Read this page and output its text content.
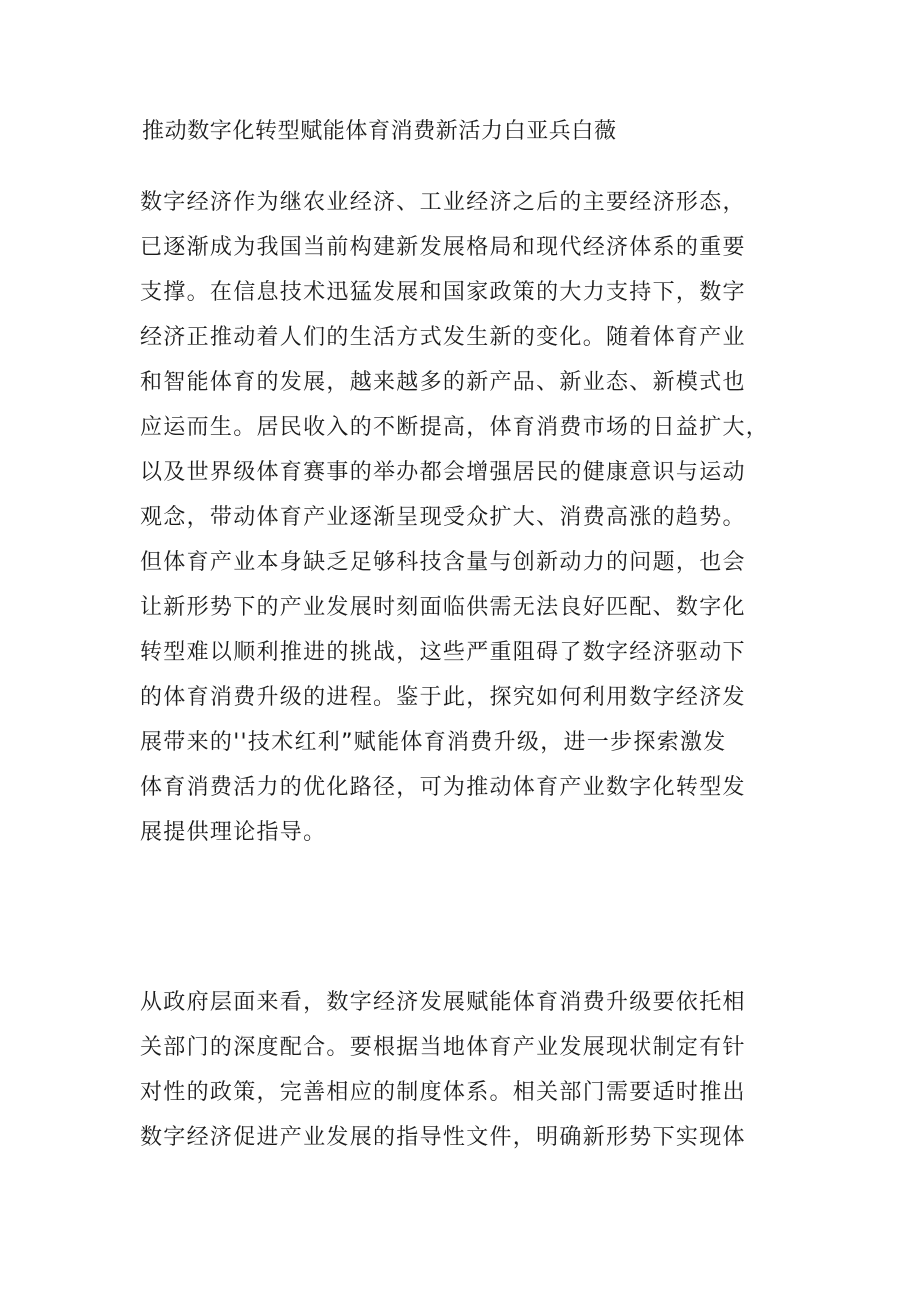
推动数字化转型赋能体育消费新活力白亚兵白薇
数字经济作为继农业经济、工业经济之后的主要经济形态，
已逐渐成为我国当前构建新发展格局和现代经济体系的重要
支撑。在信息技术迅猛发展和国家政策的大力支持下，数字
经济正推动着人们的生活方式发生新的变化。随着体育产业
和智能体育的发展，越来越多的新产品、新业态、新模式也
应运而生。居民收入的不断提高，体育消费市场的日益扩大，
以及世界级体育赛事的举办都会增强居民的健康意识与运动
观念，带动体育产业逐渐呈现受众扩大、消费高涨的趋势。
但体育产业本身缺乏足够科技含量与创新动力的问题，也会
让新形势下的产业发展时刻面临供需无法良好匹配、数字化
转型难以顺利推进的挑战，这些严重阻碍了数字经济驱动下
的体育消费升级的进程。鉴于此，探究如何利用数字经济发
展带来的''技术红利”赋能体育消费升级，进一步探索激发
体育消费活力的优化路径，可为推动体育产业数字化转型发
展提供理论指导。
从政府层面来看，数字经济发展赋能体育消费升级要依托相
关部门的深度配合。要根据当地体育产业发展现状制定有针
对性的政策，完善相应的制度体系。相关部门需要适时推出
数字经济促进产业发展的指导性文件，明确新形势下实现体
